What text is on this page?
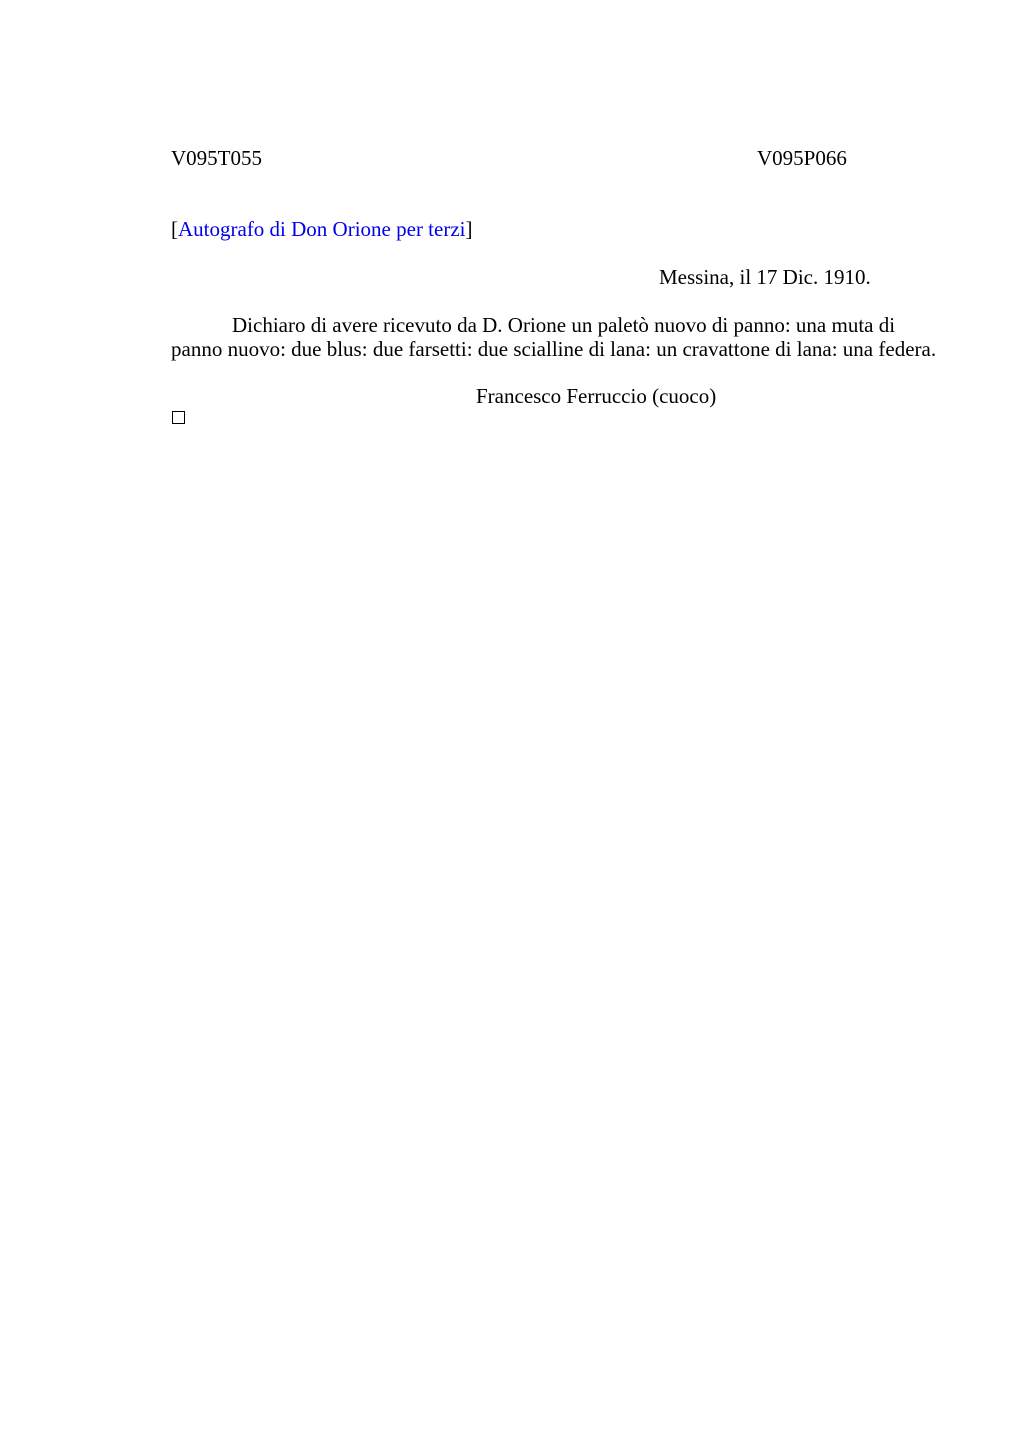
V095T055	V095P066
[Autografo di Don Orione per terzi]
Messina, il 17 Dic. 1910.
Dichiaro di avere ricevuto da D. Orione un paletò nuovo di panno: una muta di
panno nuovo: due blus: due farsetti: due scialline di lana: un cravattone di lana: una federa.
Francesco Ferruccio (cuoco)
